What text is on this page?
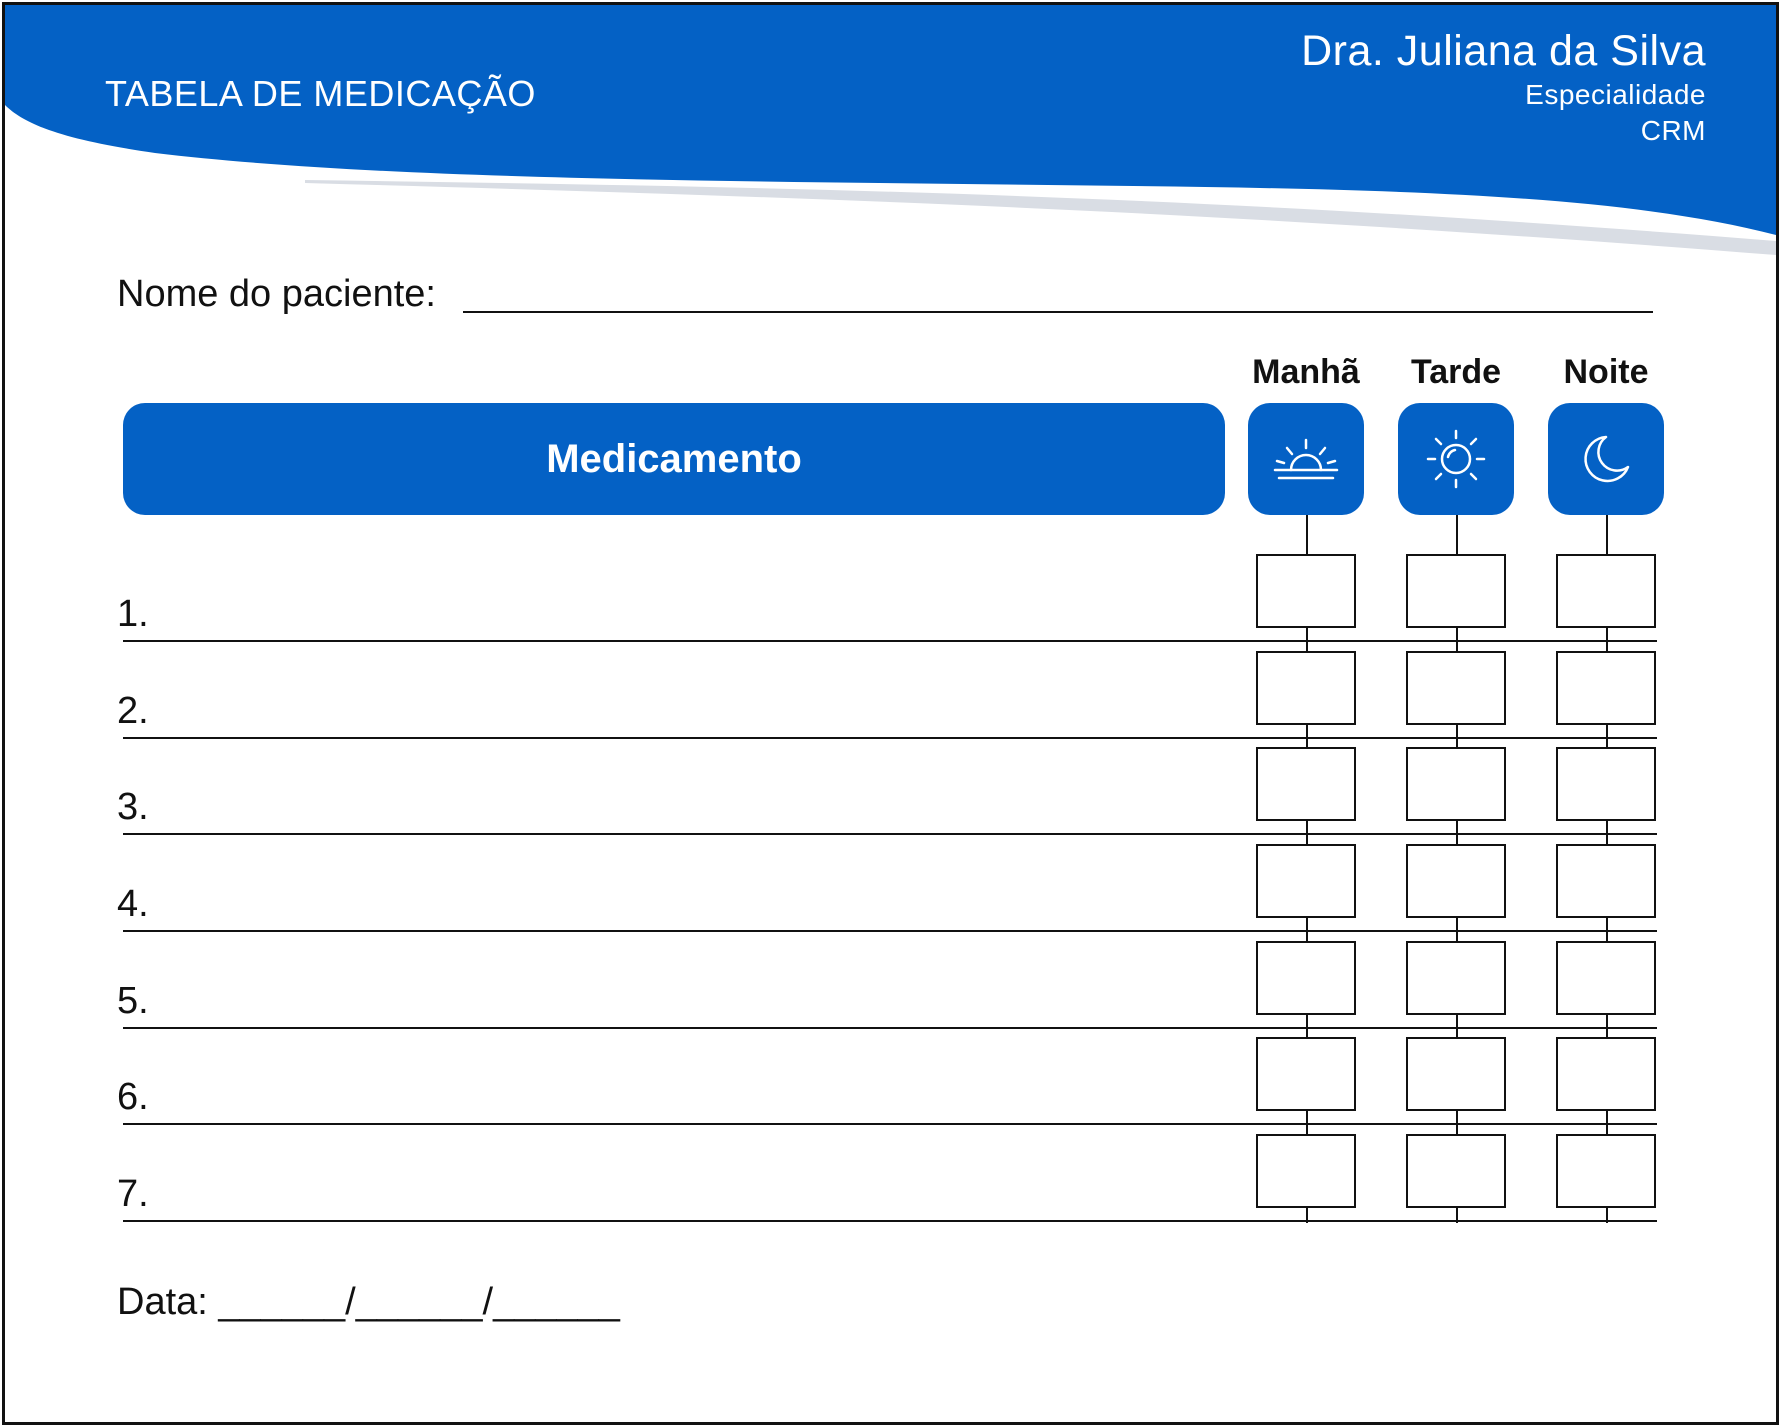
TABELA DE MEDICAÇÃO
Dra. Juliana da Silva
Especialidade
CRM
Nome do paciente:
Manhã	Tarde	Noite
Medicamento
1.
2.
3.
4.
5.
6.
7.
Data: ______/______/______
